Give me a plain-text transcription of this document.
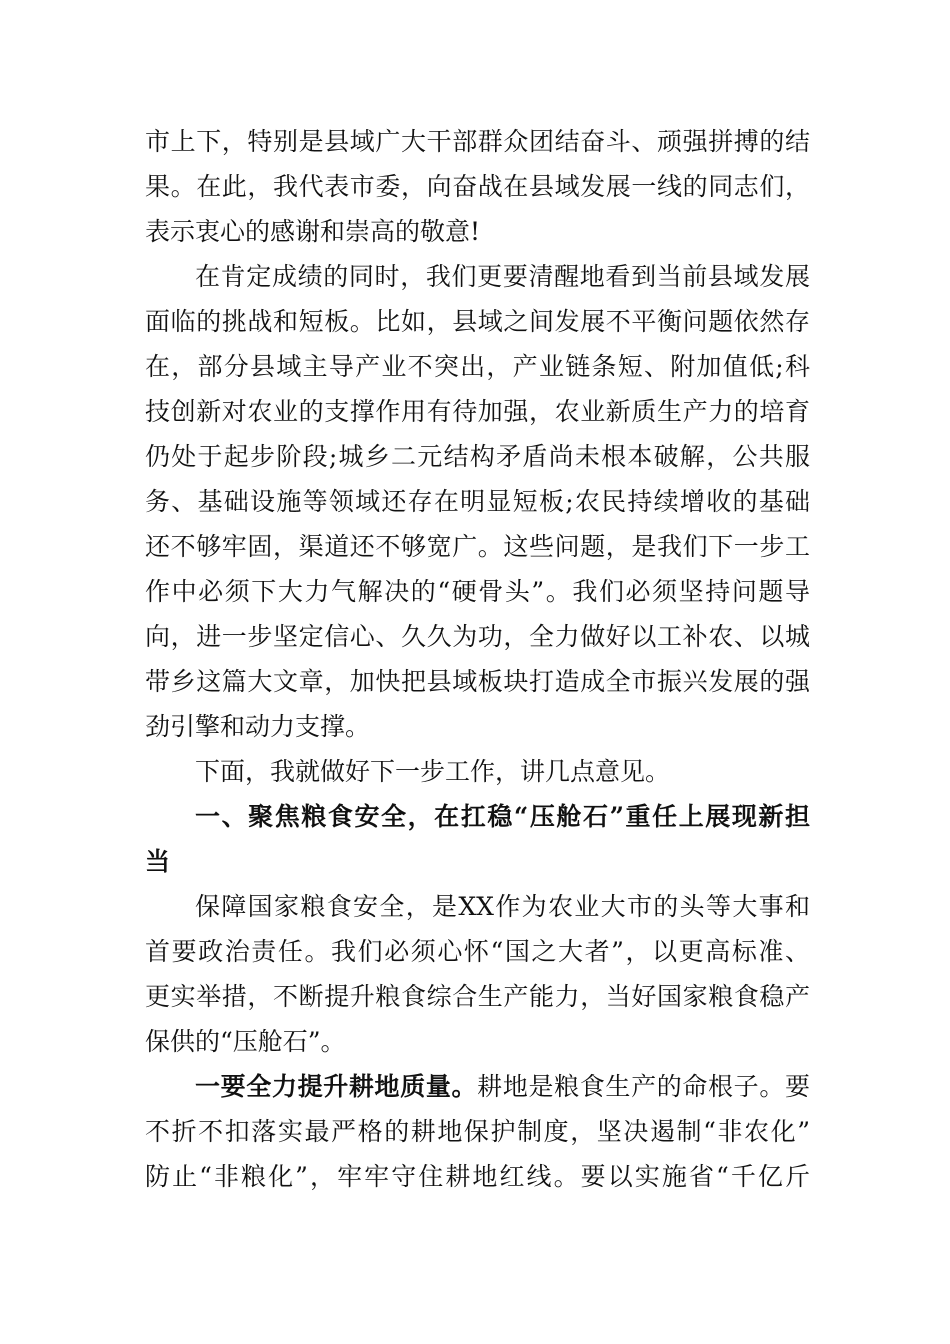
市上下，特别是县域广大干部群众团结奋斗、顽强拼搏的结
果。在此，我代表市委，向奋战在县域发展一线的同志们，
表示衷心的感谢和崇高的敬意!
在肯定成绩的同时，我们更要清醒地看到当前县域发展
面临的挑战和短板。比如，县域之间发展不平衡问题依然存
在，部分县域主导产业不突出，产业链条短、附加值低;科
技创新对农业的支撑作用有待加强，农业新质生产力的培育
仍处于起步阶段;城乡二元结构矛盾尚未根本破解，公共服
务、基础设施等领域还存在明显短板;农民持续增收的基础
还不够牢固，渠道还不够宽广。这些问题，是我们下一步工
作中必须下大力气解决的“硬骨头”。我们必须坚持问题导
向，进一步坚定信心、久久为功，全力做好以工补农、以城
带乡这篇大文章，加快把县域板块打造成全市振兴发展的强
劲引擎和动力支撑。
下面，我就做好下一步工作，讲几点意见。
一、聚焦粮食安全，在扛稳“压舱石”重任上展现新担
当
保障国家粮食安全，是XX作为农业大市的头等大事和
首要政治责任。我们必须心怀“国之大者”，以更高标准、
更实举措，不断提升粮食综合生产能力，当好国家粮食稳产
保供的“压舱石”。
一要全力提升耕地质量。耕地是粮食生产的命根子。要
不折不扣落实最严格的耕地保护制度，坚决遏制“非农化”
防止“非粮化”，牢牢守住耕地红线。要以实施省“千亿斤
